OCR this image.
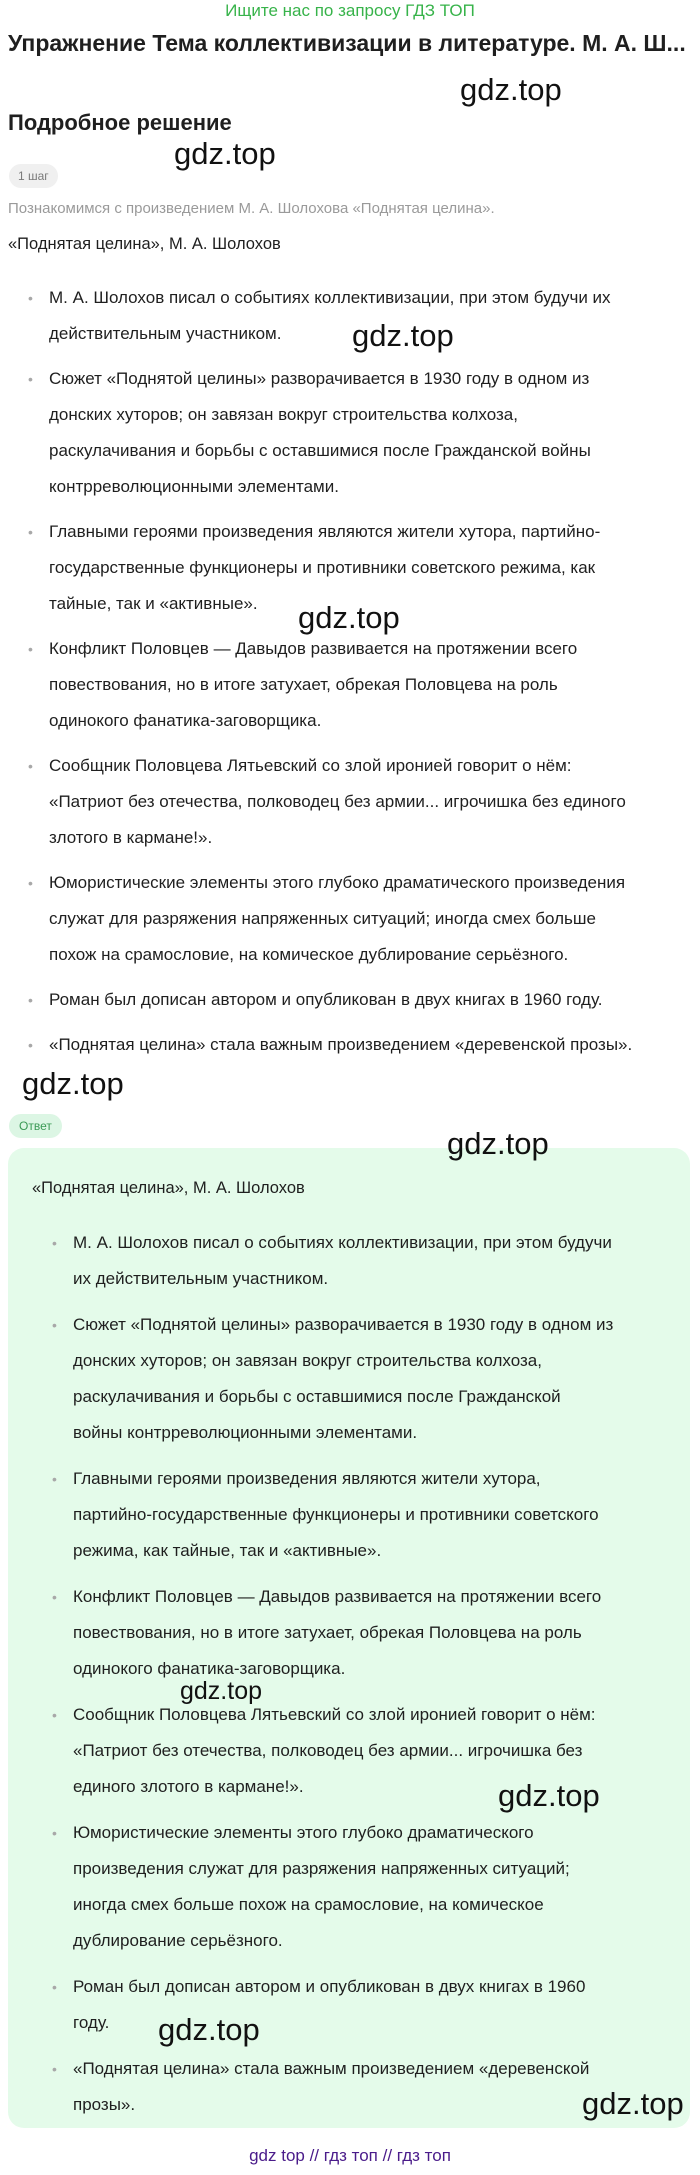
Ищите нас по запросу ГДЗ ТОП
Упражнение Тема коллективизации в литературе. М. А. Ш...
Подробное решение
1 шаг
Познакомимся с произведением М. А. Шолохова «Поднятая целина».
«Поднятая целина», М. А. Шолохов
• М. А. Шолохов писал о событиях коллективизации, при этом будучи их
действительным участником.
• Сюжет «Поднятой целины» разворачивается в 1930 году в одном из
донских хуторов; он завязан вокруг строительства колхоза,
раскулачивания и борьбы с оставшимися после Гражданской войны
контрреволюционными элементами.
• Главными героями произведения являются жители хутора, партийно-
государственные функционеры и противники советского режима, как
тайные, так и «активные».
• Конфликт Половцев — Давыдов развивается на протяжении всего
повествования, но в итоге затухает, обрекая Половцева на роль
одинокого фанатика-заговорщика.
• Сообщник Половцева Лятьевский со злой иронией говорит о нём:
«Патриот без отечества, полководец без армии... игрочишка без единого
злотого в кармане!».
• Юмористические элементы этого глубоко драматического произведения
служат для разряжения напряженных ситуаций; иногда смех больше
похож на срамословие, на комическое дублирование серьёзного.
• Роман был дописан автором и опубликован в двух книгах в 1960 году.
• «Поднятая целина» стала важным произведением «деревенской прозы».
Ответ
«Поднятая целина», М. А. Шолохов
• М. А. Шолохов писал о событиях коллективизации, при этом будучи
их действительным участником.
• Сюжет «Поднятой целины» разворачивается в 1930 году в одном из
донских хуторов; он завязан вокруг строительства колхоза,
раскулачивания и борьбы с оставшимися после Гражданской
войны контрреволюционными элементами.
• Главными героями произведения являются жители хутора,
партийно-государственные функционеры и противники советского
режима, как тайные, так и «активные».
• Конфликт Половцев — Давыдов развивается на протяжении всего
повествования, но в итоге затухает, обрекая Половцева на роль
одинокого фанатика-заговорщика.
• Сообщник Половцева Лятьевский со злой иронией говорит о нём:
«Патриот без отечества, полководец без армии... игрочишка без
единого злотого в кармане!».
• Юмористические элементы этого глубоко драматического
произведения служат для разряжения напряженных ситуаций;
иногда смех больше похож на срамословие, на комическое
дублирование серьёзного.
• Роман был дописан автором и опубликован в двух книгах в 1960
году.
• «Поднятая целина» стала важным произведением «деревенской
прозы».
gdz.top
gdz.top
gdz.top
gdz.top
gdz.top
gdz.top
gdz.top
gdz.top
gdz.top
gdz.top
gdz top // гдз топ // гдз топ
